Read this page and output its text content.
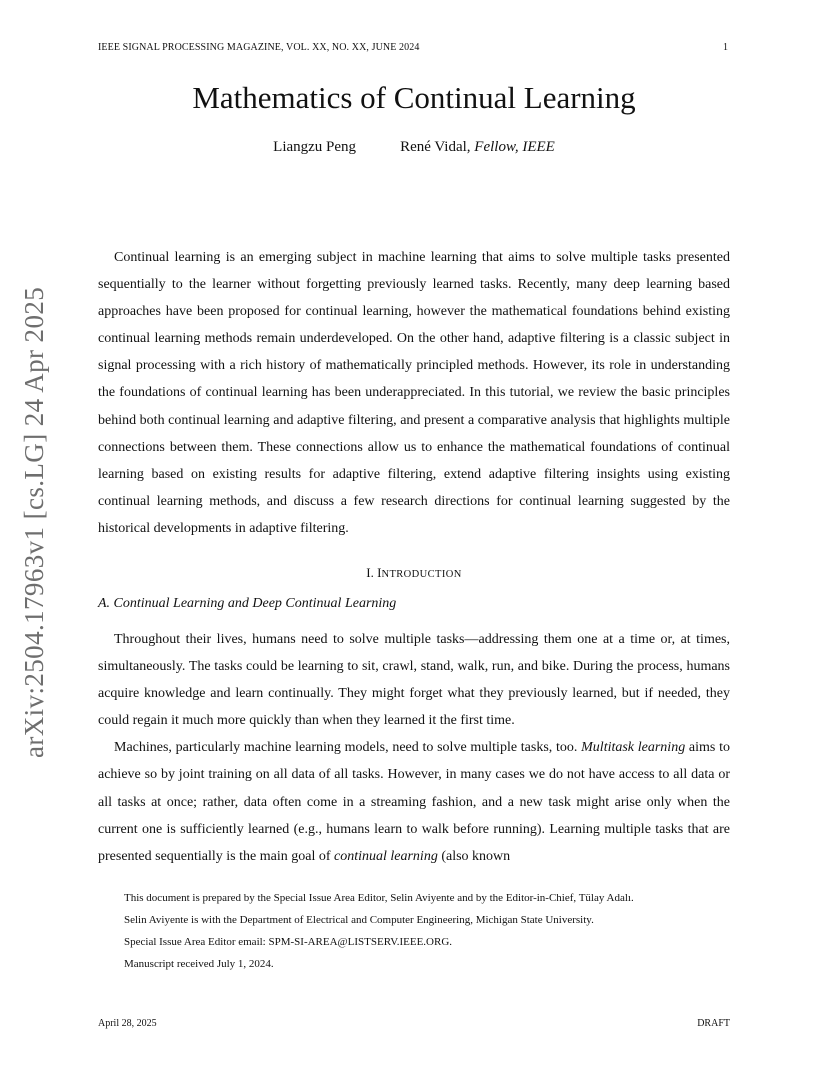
IEEE SIGNAL PROCESSING MAGAZINE, VOL. XX, NO. XX, JUNE 2024	1
Mathematics of Continual Learning
Liangzu Peng	René Vidal, Fellow, IEEE
arXiv:2504.17963v1 [cs.LG] 24 Apr 2025
Continual learning is an emerging subject in machine learning that aims to solve multiple tasks presented sequentially to the learner without forgetting previously learned tasks. Recently, many deep learning based approaches have been proposed for continual learning, however the mathematical foundations behind existing continual learning methods remain underdeveloped. On the other hand, adaptive filtering is a classic subject in signal processing with a rich history of mathematically principled methods. However, its role in understanding the foundations of continual learning has been underappreciated. In this tutorial, we review the basic principles behind both continual learning and adaptive filtering, and present a comparative analysis that highlights multiple connections between them. These connections allow us to enhance the mathematical foundations of continual learning based on existing results for adaptive filtering, extend adaptive filtering insights using existing continual learning methods, and discuss a few research directions for continual learning suggested by the historical developments in adaptive filtering.
I. INTRODUCTION
A. Continual Learning and Deep Continual Learning

Throughout their lives, humans need to solve multiple tasks—addressing them one at a time or, at times, simultaneously. The tasks could be learning to sit, crawl, stand, walk, run, and bike. During the process, humans acquire knowledge and learn continually. They might forget what they previously learned, but if needed, they could regain it much more quickly than when they learned it the first time.

Machines, particularly machine learning models, need to solve multiple tasks, too. Multitask learning aims to achieve so by joint training on all data of all tasks. However, in many cases we do not have access to all data or all tasks at once; rather, data often come in a streaming fashion, and a new task might arise only when the current one is sufficiently learned (e.g., humans learn to walk before running). Learning multiple tasks that are presented sequentially is the main goal of continual learning (also known

This document is prepared by the Special Issue Area Editor, Selin Aviyente and by the Editor-in-Chief, Tülay Adalı.
Selin Aviyente is with the Department of Electrical and Computer Engineering, Michigan State University.
Special Issue Area Editor email: SPM-SI-AREA@LISTSERV.IEEE.ORG.
Manuscript received July 1, 2024.
April 28, 2025	DRAFT
